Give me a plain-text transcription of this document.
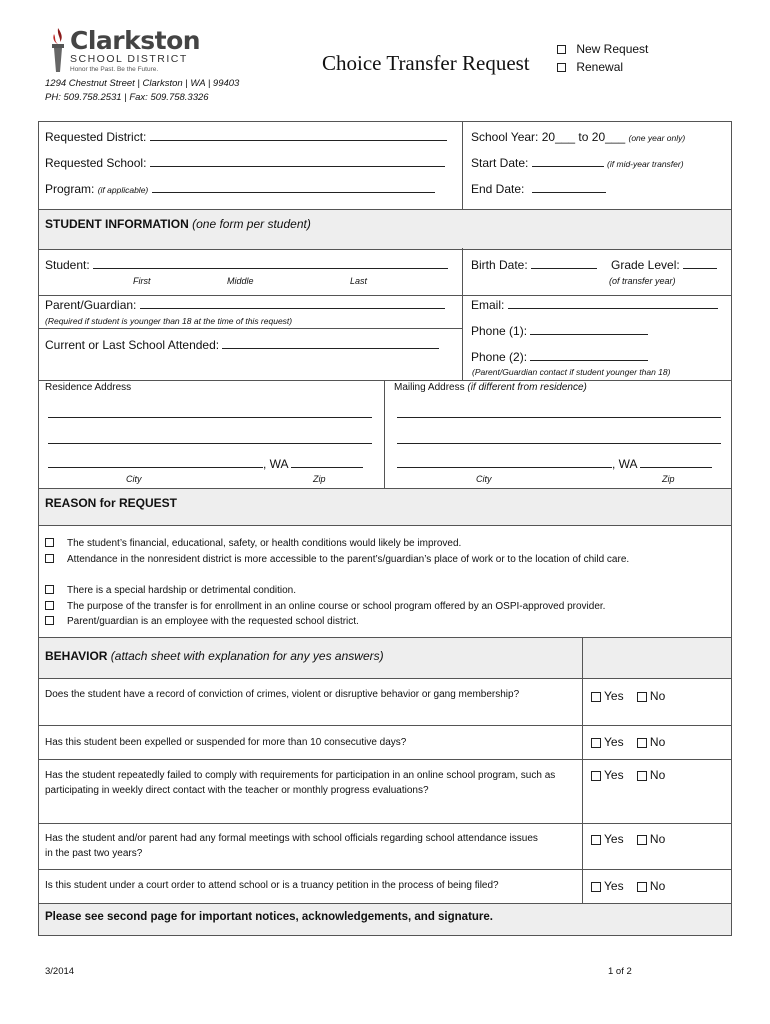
Clarkston
SCHOOL DISTRICT
Honor the Past. Be the Future.
1294 Chestnut Street | Clarkston | WA | 99403
PH: 509.758.2531 | Fax: 509.758.3326
Choice Transfer Request
New Request
Renewal
Requested District:
Requested School:
Program: (if applicable)
School Year: 20___ to 20___ (one year only)
Start Date:	(if mid-year transfer)
End Date:
STUDENT INFORMATION (one form per student)
Student:
First	Middle	Last
Birth Date:	Grade Level:
(of transfer year)
Parent/Guardian:
(Required if student is younger than 18 at the time of this request)
Email:
Phone (1):
Current or Last School Attended:
Phone (2):
(Parent/Guardian contact if student younger than 18)
Residence Address	Mailing Address (if different from residence)
, WA
City	Zip
, WA
City	Zip
REASON for REQUEST
The student’s financial, educational, safety, or health conditions would likely be improved.
Attendance in the nonresident district is more accessible to the parent’s/guardian’s place of work or to the location of child care.
There is a special hardship or detrimental condition.
The purpose of the transfer is for enrollment in an online course or school program offered by an OSPI-approved provider.
Parent/guardian is an employee with the requested school district.
BEHAVIOR (attach sheet with explanation for any yes answers)
Does the student have a record of conviction of crimes, violent or disruptive behavior or gang membership?	Yes No
Has this student been expelled or suspended for more than 10 consecutive days?	Yes No
Has the student repeatedly failed to comply with requirements for participation in an online school program, such as participating in weekly direct contact with the teacher or monthly progress evaluations?
Yes No
Has the student and/or parent had any formal meetings with school officials regarding school attendance issues in the past two years?
Yes No
Is this student under a court order to attend school or is a truancy petition in the process of being filed?	Yes No
Please see second page for important notices, acknowledgements, and signature.
3/2014	1 of 2
